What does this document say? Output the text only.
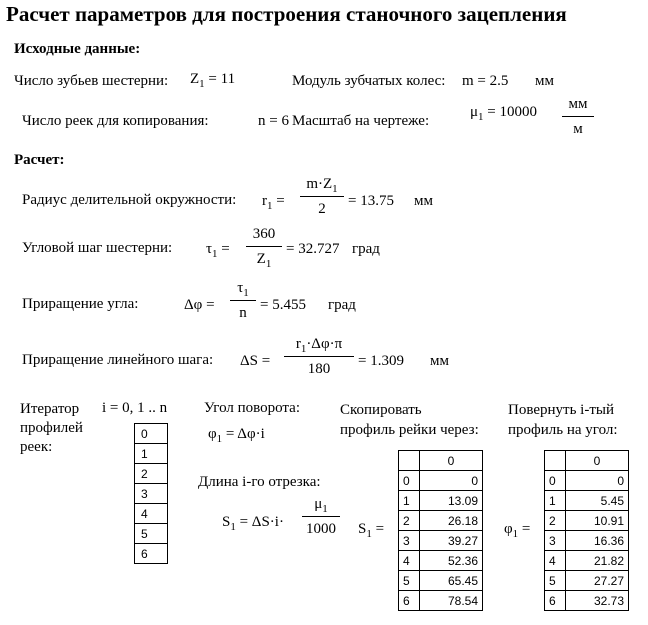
Расчет параметров для построения станочного зацепления
Исходные данные:
Число зубьев шестерни: $Z_1 = 11$	Модуль зубчатых колес: m = 2.5 мм
Число реек для копирования:	n = 6 Масштаб на чертеже:
$\mu_1 = 10000$	мм
м
Расчет:
Радиус делительной окружности: $r_1$ =
$m\cdot Z_1$
2	= 13.75 мм
Угловой шаг шестерни: $\tau_1$ =
360
$Z_1$
= 32.727 град
Приращение угла:	Δφ =
$\tau_1$
n = 5.455 град
Приращение линейного шага: ΔS =
$r_1\cdot\Delta\varphi\cdot\pi$
180	= 1.309 мм
Итератор
профилей
реек:
i = 0, 1 .. n
0
1
2
3
4
5
6
Угол поворота:
$\varphi_1 = \Delta\varphi\cdot i$
Длина i-го отрезка:
$S_1 = \Delta S\cdot i\cdot$
$\mu_1$
1000
Скопировать
профиль рейки через:
$S_1$ =
	0
0	0
1	13.09
2	26.18
3	39.27
4	52.36
5	65.45
6	78.54
Повернуть i-тый
профиль на угол:
$\varphi_1$ =
	0
0	0
1	5.45
2	10.91
3	16.36
4	21.82
5	27.27
6	32.73
